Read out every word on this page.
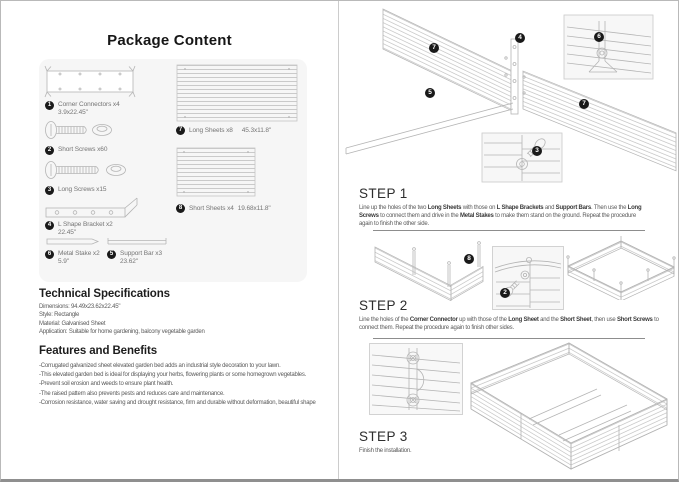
Package Content
1	Corner Connectors x4
3.9x22.45"
2	Short Screws x60
3	Long Screws x15
4	L Shape Bracket x2
22.45"
6	Metal Stake x2
5.9"
5	Support Bar x3
23.62"
7	Long Sheets x8 45.3x11.8"
8	Short Sheets x4 19.68x11.8"
Technical Specifications
Dimensions: 94.49x23.62x22.45"
Style: Rectangle
Material: Galvanised Sheet
Application: Suitable for home gardening, balcony vegetable garden
Features and Benefits
-Corrugated galvanized sheet elevated garden bed adds an industrial style decoration to your lawn.
-This elevated garden bed is ideal for displaying your herbs, flowering plants or some homegrown vegetables.
-Prevent soil erosion and weeds to ensure plant health.
-The raised pattern also prevents pests and reduces care and maintenance.
-Corrosion resistance, water saving and drought resistance, firm and durable without deformation, beautiful shape
7
4	6
5
7
3
STEP 1
Line up the holes of the two Long Sheets with those on L Shape Brackets and Support Bars. Then use the Long Screws to connect them and drive in the Metal Stakes to make them stand on the ground. Repeat the procedure again to finish the other side.
8
2
STEP 2
Line the holes of the Corner Connector up with those of the Long Sheet and the Short Sheet, then use Short Screws to connect them. Repeat the procedure again to finish other sides.
STEP 3
Finish the installation.
